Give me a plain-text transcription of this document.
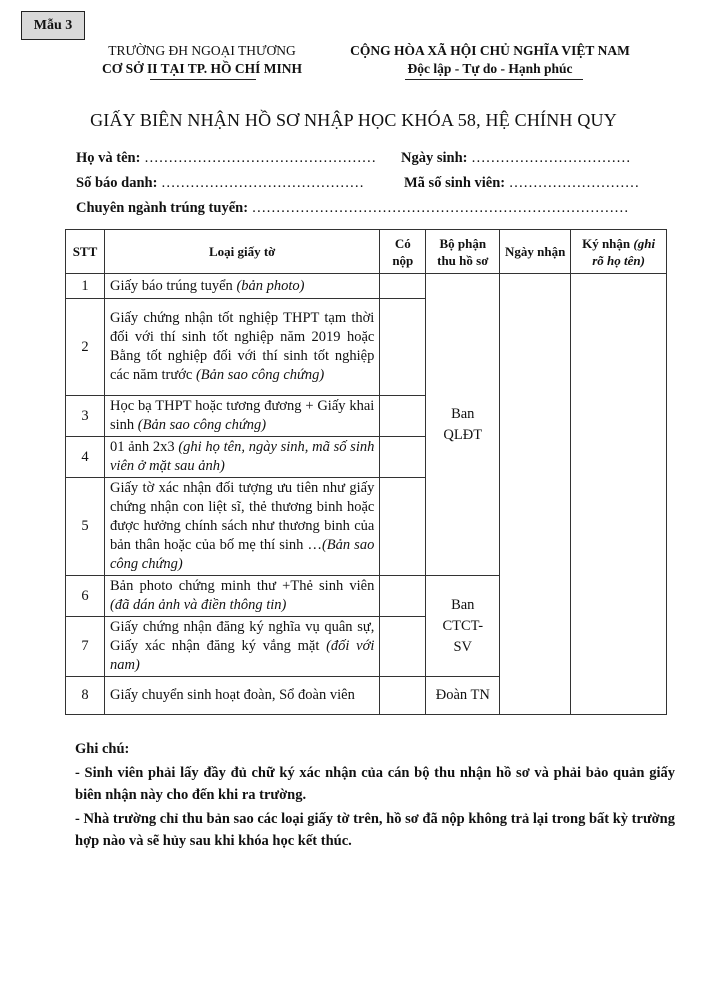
Mẫu 3
TRƯỜNG ĐH NGOẠI THƯƠNG
CƠ SỞ II TẠI TP. HỒ CHÍ MINH
CỘNG HÒA XÃ HỘI CHỦ NGHĨA VIỆT NAM
Độc lập - Tự do - Hạnh phúc
GIẤY BIÊN NHẬN HỒ SƠ NHẬP HỌC KHÓA 58, HỆ CHÍNH QUY
Họ và tên: ………………………………………… Ngày sinh: ……………………………
Số báo danh: ……………………………………	Mã số sinh viên: ………………………
Chuyên ngành trúng tuyển: ……………………………………………………………………
STT	Loại giấy tờ	Có nộp	Bộ phận thu hồ sơ	Ngày nhận	Ký nhận (ghi rõ họ tên)
1	Giấy báo trúng tuyển (bản photo)		Ban QLĐT		

2	Giấy chứng nhận tốt nghiệp THPT tạm thời đối với thí sinh tốt nghiệp năm 2019 hoặc Bằng tốt nghiệp đối với thí sinh tốt nghiệp các năm trước (Bản sao công chứng)				
3	Học bạ THPT hoặc tương đương + Giấy khai sinh (Bản sao công chứng)				
4	01 ảnh 2x3 (ghi họ tên, ngày sinh, mã số sinh viên ở mặt sau ảnh)				
5	Giấy tờ xác nhận đối tượng ưu tiên như giấy chứng nhận con liệt sĩ, thẻ thương binh hoặc được hưởng chính sách như thương binh của bản thân hoặc của bố mẹ thí sinh …(Bản sao công chứng)				
6	Bản photo chứng minh thư +Thẻ sinh viên (đã dán ảnh và điền thông tin)		Ban CTCT-SV		

7	Giấy chứng nhận đăng ký nghĩa vụ quân sự, Giấy xác nhận đăng ký vắng mặt (đối với nam)				
8	Giấy chuyển sinh hoạt đoàn, Sổ đoàn viên		Đoàn TN		
Ghi chú:
- Sinh viên phải lấy đầy đủ chữ ký xác nhận của cán bộ thu nhận hồ sơ và phải bảo quản giấy biên nhận này cho đến khi ra trường.
- Nhà trường chỉ thu bản sao các loại giấy tờ trên, hồ sơ đã nộp không trả lại trong bất kỳ trường hợp nào và sẽ hủy sau khi khóa học kết thúc.
